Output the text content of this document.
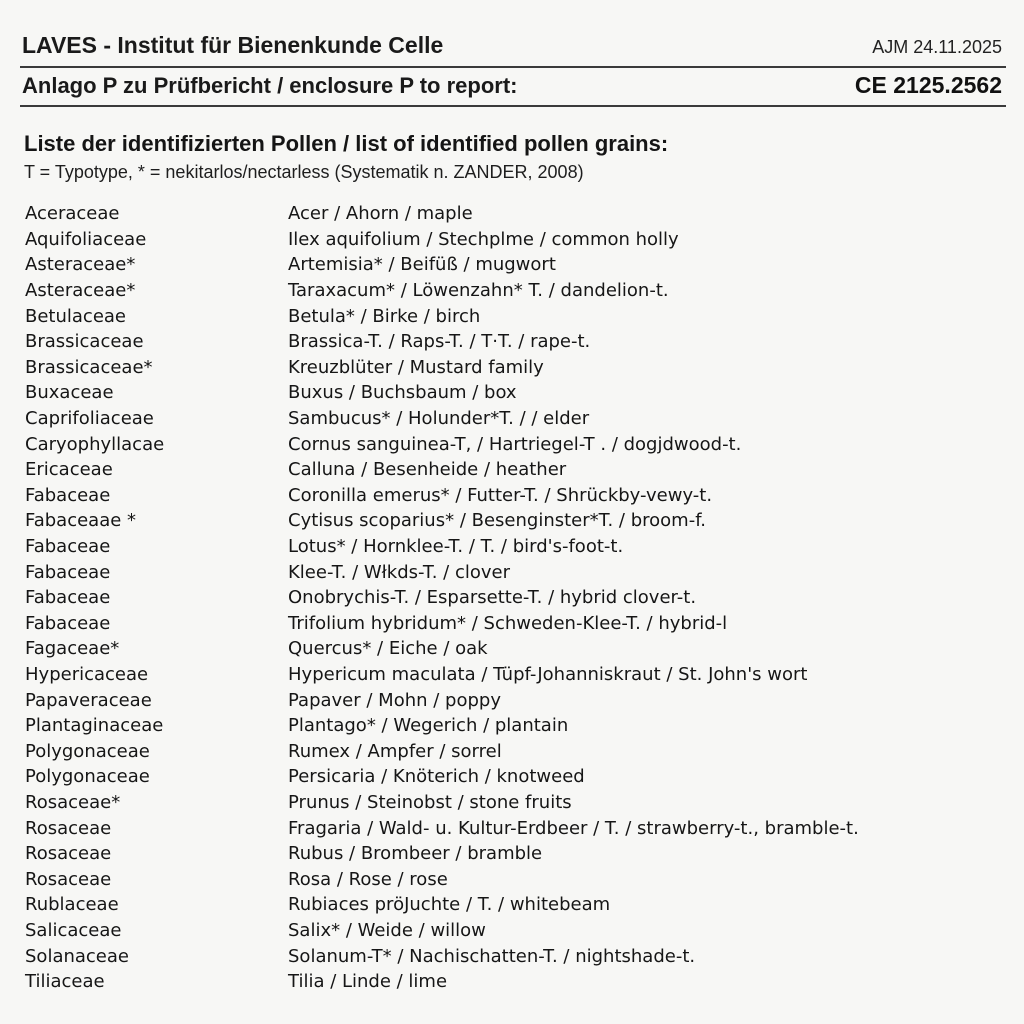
LAVES - Institut für Bienenkunde Celle	AJM 24.11.2025
Anlago P zu Prüfbericht / enclosure P to report:	CE 2125.2562
Liste der identifizierten Pollen / list of identified pollen grains:
T = Typotype, * = nekitarlos/nectarless (Systematik n. ZANDER, 2008)
Aceraceae	Acer / Ahorn / maple
Aquifoliaceae	Ilex aquifolium / Stechplme / common holly
Asteraceae*	Artemisia* / Beifüß / mugwort
Asteraceae*	Taraxacum* / Löwenzahn* T. / dandelion-t.
Betulaceae	Betula* / Birke / birch
Brassicaceae	Brassica-T. / Raps-T. / T·T. / rape-t.
Brassicaceae*	Kreuzblüter / Mustard family
Buxaceae	Buxus / Buchsbaum / box
Caprifoliaceae	Sambucus* / Holunder*T. / / elder
Caryophyllacae	Cornus sanguinea-T, / Hartriegel-T . / dogjdwood-t.
Ericaceae	Calluna / Besenheide / heather
Fabaceae	Coronilla emerus* / Futter-T. / Shrückby-vewy-t.
Fabaceaae *	Cytisus scoparius* / Besenginster*T. / broom-f.
Fabaceae	Lotus* / Hornklee-T. / T. / bird's-foot-t.
Fabaceae	Klee-T. / Włkds-T. / clover
Fabaceae	Onobrychis-T. / Esparsette-T. / hybrid clover-t.
Fabaceae	Trifolium hybridum* / Schweden-Klee-T. / hybrid-l
Fagaceae*	Quercus* / Eiche / oak
Hypericaceae	Hypericum maculata / Tüpf-Johanniskraut / St. John's wort
Papaveraceae	Papaver / Mohn / poppy
Plantaginaceae	Plantago* / Wegerich / plantain
Polygonaceae	Rumex / Ampfer / sorrel
Polygonaceae	Persicaria / Knöterich / knotweed
Rosaceae*	Prunus / Steinobst / stone fruits
Rosaceae	Fragaria / Wald- u. Kultur-Erdbeer / T. / strawberry-t., bramble-t.
Rosaceae	Rubus / Brombeer / bramble
Rosaceae	Rosa / Rose / rose
Rublaceae	Rubiaces pröJuchte / T. / whitebeam
Salicaceae	Salix* / Weide / willow
Solanaceae	Solanum-T* / Nachischatten-T. / nightshade-t.
Tiliaceae	Tilia / Linde / lime
